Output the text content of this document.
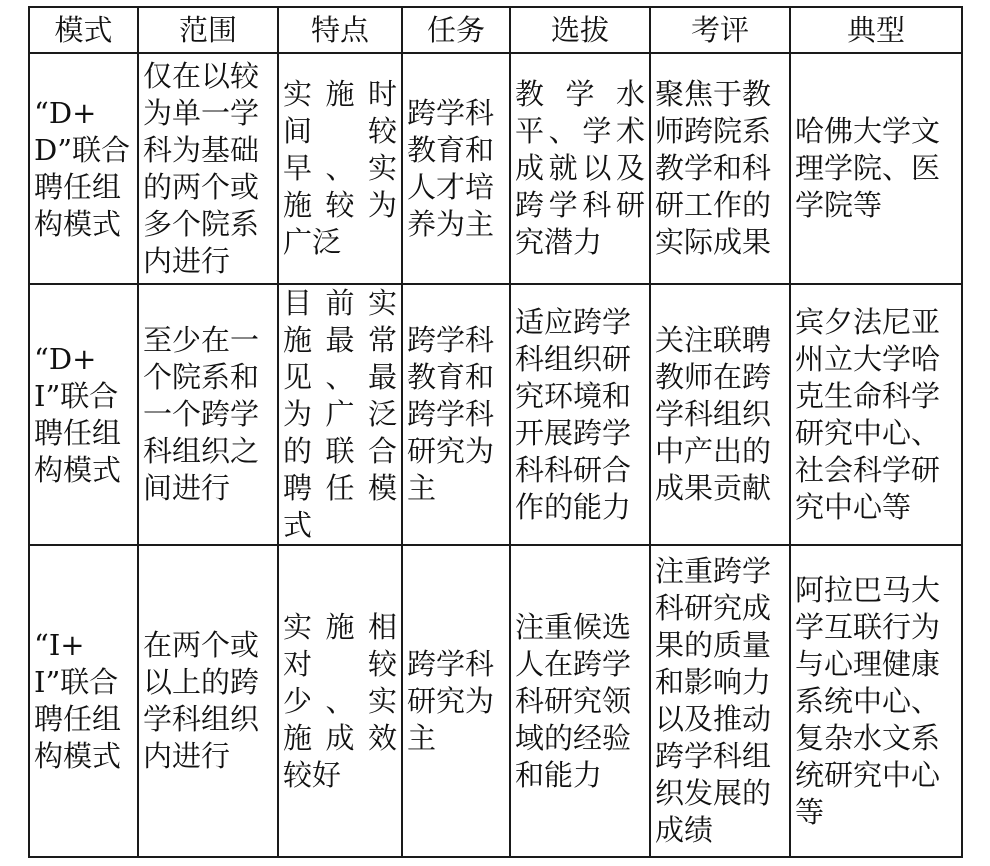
模式	范围	特点	任务	选拔	考评	典型
“D+D”联合聘任组构模式	仅在以较为单一学科为基础的两个或多个院系内进行	实施时间较早、实施较为广泛	跨学科教育和人才培养为主	教学水平、学术成就以及跨学科研究潜力	聚焦于教师跨院系教学和科研工作的实际成果	哈佛大学文理学院、医学院等
“D+I”联合聘任组构模式	至少在一个院系和一个跨学科组织之间进行	目前实施最常见、最为广泛的联合聘任模式	跨学科教育和跨学科研究为主	适应跨学科组织研究环境和开展跨学科科研合作的能力	关注联聘教师在跨学科组织中产出的成果贡献	宾夕法尼亚州立大学哈克生命科学研究中心、社会科学研究中心等
“I+I”联合聘任组构模式	在两个或以上的跨学科组织内进行	实施相对较少、实施成效较好	跨学科研究为主	注重候选人在跨学科研究领域的经验和能力	注重跨学科研究成果的质量和影响力以及推动跨学科组织发展的成绩	阿拉巴马大学互联行为与心理健康系统中心、复杂水文系统研究中心等
